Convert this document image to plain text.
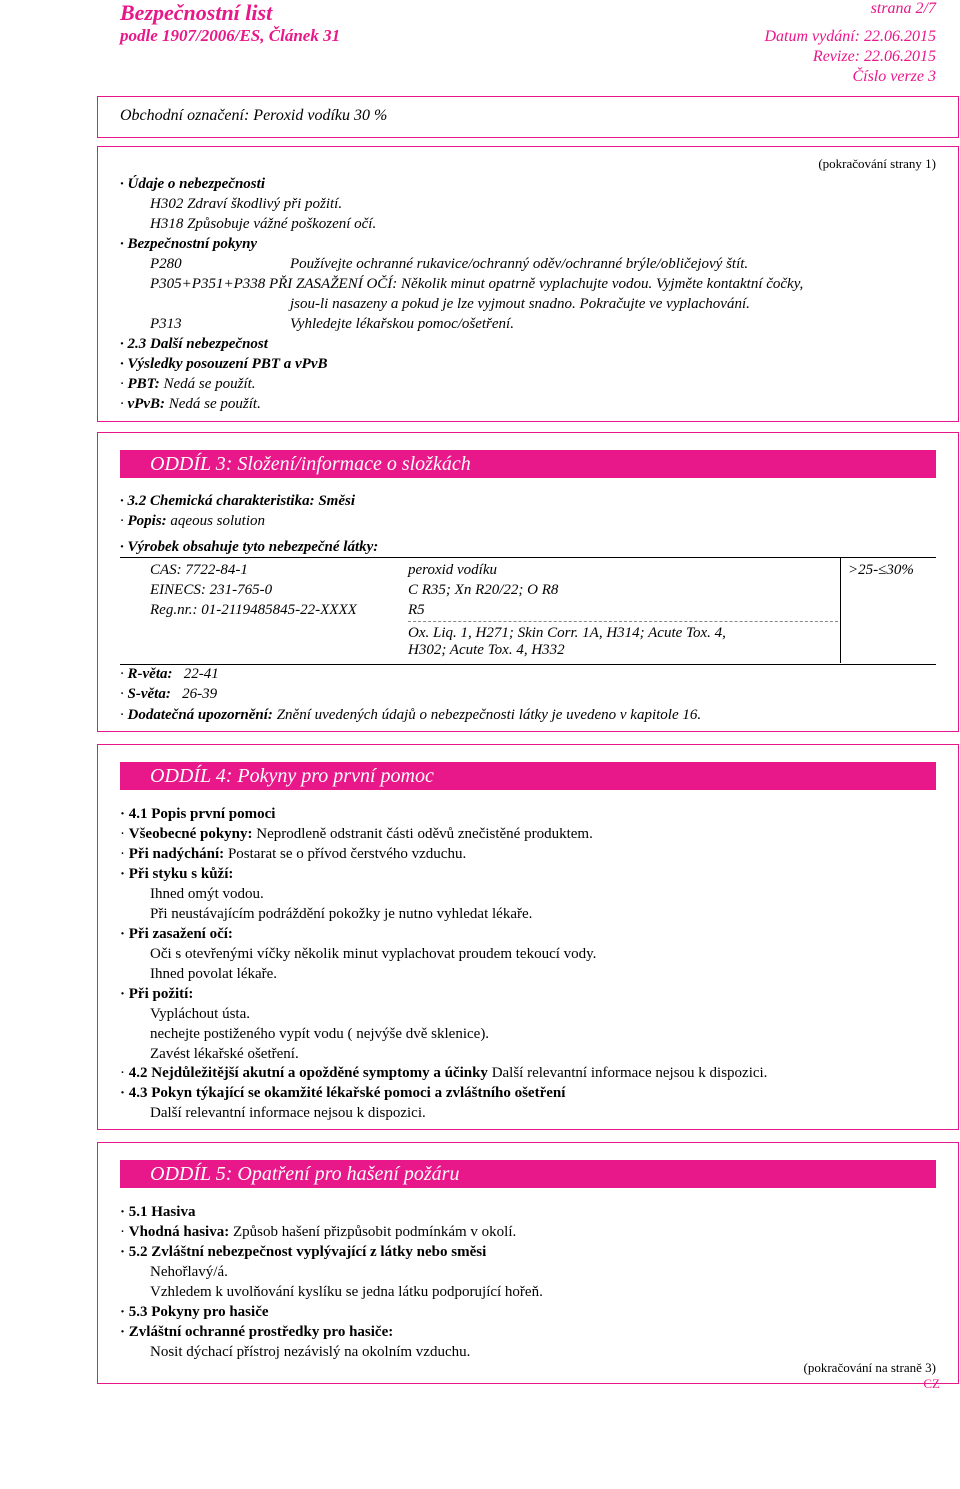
Bezpečnostní list
podle 1907/2006/ES, Článek 31
strana 2/7
Datum vydání: 22.06.2015
Revize: 22.06.2015
Číslo verze 3
Obchodní označení: Peroxid vodíku 30 %
(pokračování strany 1)
· Údaje o nebezpečnosti
H302 Zdraví škodlivý při požití.
H318 Způsobuje vážné poškození očí.
· Bezpečnostní pokyny
P280	Používejte ochranné rukavice/ochranný oděv/ochranné brýle/obličejový štít.
P305+P351+P338 PŘI ZASAŽENÍ OČÍ: Několik minut opatrně vyplachujte vodou. Vyjměte kontaktní čočky,
jsou-li nasazeny a pokud je lze vyjmout snadno. Pokračujte ve vyplachování.
P313	Vyhledejte lékařskou pomoc/ošetření.
· 2.3 Další nebezpečnost
· Výsledky posouzení PBT a vPvB
· PBT: Nedá se použít.
· vPvB: Nedá se použít.
ODDÍL 3: Složení/informace o složkách
· 3.2 Chemická charakteristika: Směsi
· Popis: aqeous solution
· Výrobek obsahuje tyto nebezpečné látky:
CAS: 7722-84-1
EINECS: 231-765-0
Reg.nr.: 01-2119485845-22-XXXX
peroxid vodíku
C R35; Xn R20/22; O R8
R5
Ox. Liq. 1, H271; Skin Corr. 1A, H314; Acute Tox. 4,
H302; Acute Tox. 4, H332
>25-≤30%
· R-věta: 22-41
· S-věta: 26-39
· Dodatečná upozornění: Znění uvedených údajů o nebezpečnosti látky je uvedeno v kapitole 16.
ODDÍL 4: Pokyny pro první pomoc
· 4.1 Popis první pomoci
· Všeobecné pokyny: Neprodleně odstranit části oděvů znečistěné produktem.
· Při nadýchání: Postarat se o přívod čerstvého vzduchu.
· Při styku s kůží:
Ihned omýt vodou.
Při neustávajícím podráždění pokožky je nutno vyhledat lékaře.
· Při zasažení očí:
Oči s otevřenými víčky několik minut vyplachovat proudem tekoucí vody.
Ihned povolat lékaře.
· Při požití:
Vypláchout ústa.
nechejte postiženého vypít vodu ( nejvýše dvě sklenice).
Zavést lékařské ošetření.
· 4.2 Nejdůležitější akutní a opožděné symptomy a účinky Další relevantní informace nejsou k dispozici.
· 4.3 Pokyn týkající se okamžité lékařské pomoci a zvláštního ošetření
Další relevantní informace nejsou k dispozici.
ODDÍL 5: Opatření pro hašení požáru
· 5.1 Hasiva
· Vhodná hasiva: Způsob hašení přizpůsobit podmínkám v okolí.
· 5.2 Zvláštní nebezpečnost vyplývající z látky nebo směsi
Nehořlavý/á.
Vzhledem k uvolňování kyslíku se jedna látku podporující hořeň.
· 5.3 Pokyny pro hasiče
· Zvláštní ochranné prostředky pro hasiče:
Nosit dýchací přístroj nezávislý na okolním vzduchu.
(pokračování na straně 3)
CZ
